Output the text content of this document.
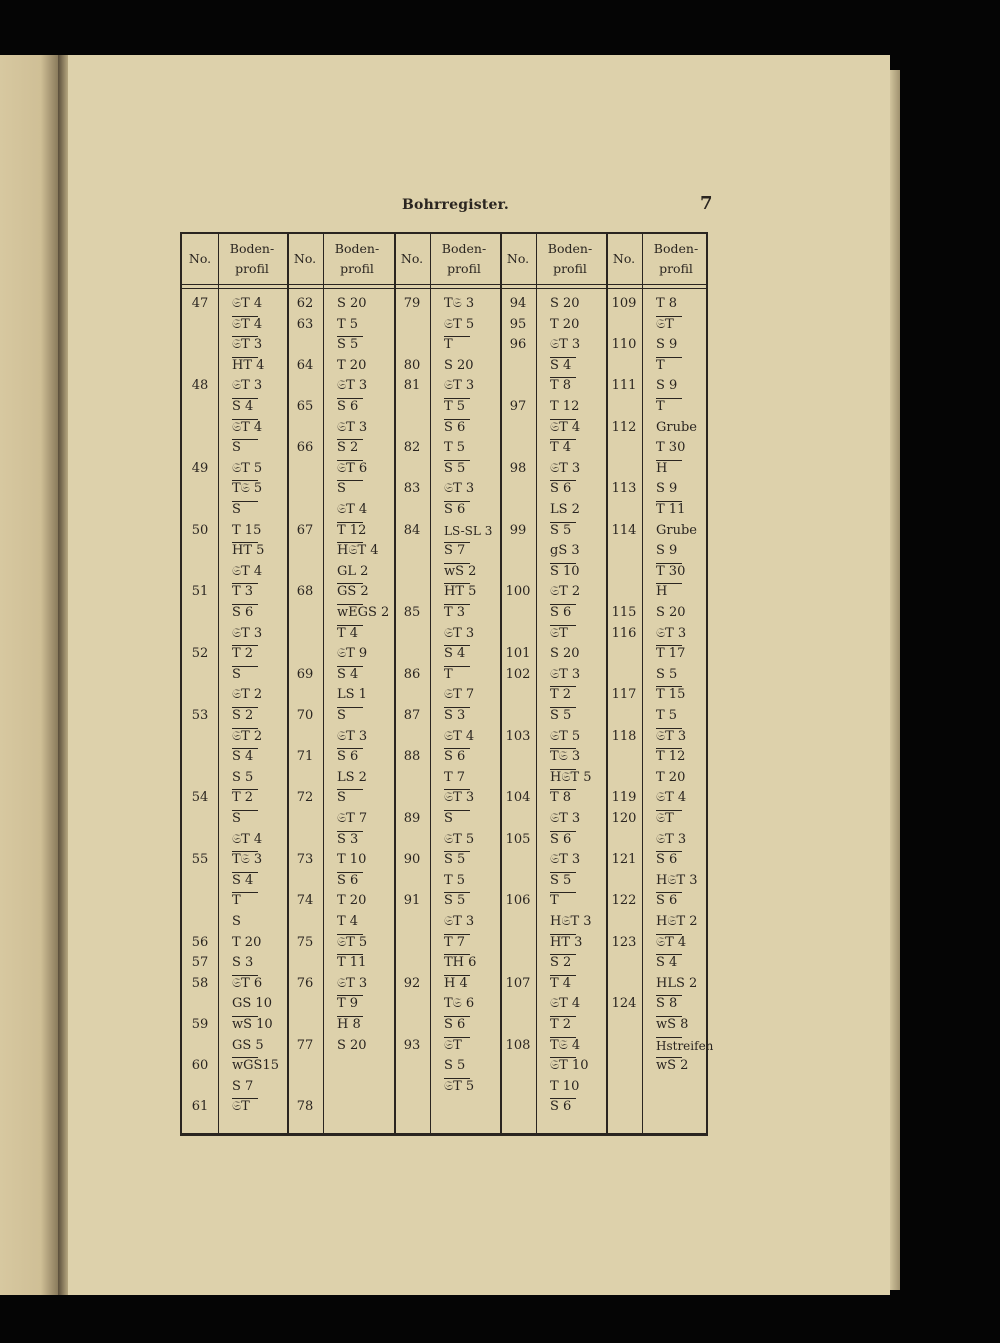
Bohrregister.	7
No.
Boden-
profil
No.
Boden-
profil
No.
Boden-
profil
No.
Boden-
profil
No.
Boden-
profil
47
48
49
50
51
52
53
54
55
56
57
58
59
60
61
𝔖T 4
𝔖T 4
𝔖T 3
HT 4
𝔖T 3
S 4
𝔖T 4
S
𝔖T 5
T𝔖 5
S
T 15
HT 5
𝔖T 4
T 3
S 6
𝔖T 3
T 2
S
𝔖T 2
S 2
𝔖T 2
S 4
S 5
T 2
S
𝔖T 4
T𝔖 3
S 4
T
S
T 20
S 3
𝔖T 6
GS 10
wS 10
GS 5
wGS15
S 7
𝔖T
62
63
64
65
66
67
68
69
70
71
72
73
74
75
76
77
78
S 20
T 5
S 5
T 20
𝔖T 3
S 6
𝔖T 3
S 2
𝔖T 6
S
𝔖T 4
T 12
H𝔖T 4
GL 2
GS 2
wEGS 2
T 4
𝔖T 9
S 4
LS 1
S
𝔖T 3
S 6
LS 2
S
𝔖T 7
S 3
T 10
S 6
T 20
T 4
𝔖T 5
T 11
𝔖T 3
T 9
H 8
S 20
79
80
81
82
83
84
85
86
87
88
89
90
91
92
93
T𝔖 3
𝔖T 5
T
S 20
𝔖T 3
T 5
S 6
T 5
S 5
𝔖T 3
S 6
LS-SL 3
S 7
wS 2
HT 5
T 3
𝔖T 3
S 4
T
𝔖T 7
S 3
𝔖T 4
S 6
T 7
𝔖T 3
S
𝔖T 5
S 5
T 5
S 5
𝔖T 3
T 7
TH 6
H 4
T𝔖 6
S 6
𝔖T
S 5
𝔖T 5
94
95
96
97
98
99
100
101
102
103
104
105
106
107
108
S 20
T 20
𝔖T 3
S 4
T 8
T 12
𝔖T 4
T 4
𝔖T 3
S 6
LS 2
S 5
gS 3
S 10
𝔖T 2
S 6
𝔖T
S 20
𝔖T 3
T 2
S 5
𝔖T 5
T𝔖 3
H𝔖T 5
T 8
𝔖T 3
S 6
𝔖T 3
S 5
T
H𝔖T 3
HT 3
S 2
T 4
𝔖T 4
T 2
T𝔖 4
𝔖T 10
T 10
S 6
109
110
111
112
113
114
115
116
117
118
119
120
121
122
123
124
T 8
𝔖T
S 9
T
S 9
T
Grube
T 30
H
S 9
T 11
Grube
S 9
T 30
H
S 20
𝔖T 3
T 17
S 5
T 15
T 5
𝔖T 3
T 12
T 20
𝔖T 4
𝔖T
𝔖T 3
S 6
H𝔖T 3
S 6
H𝔖T 2
𝔖T 4
S 4
HLS 2
S 8
wS 8
Hstreifen
wS 2
